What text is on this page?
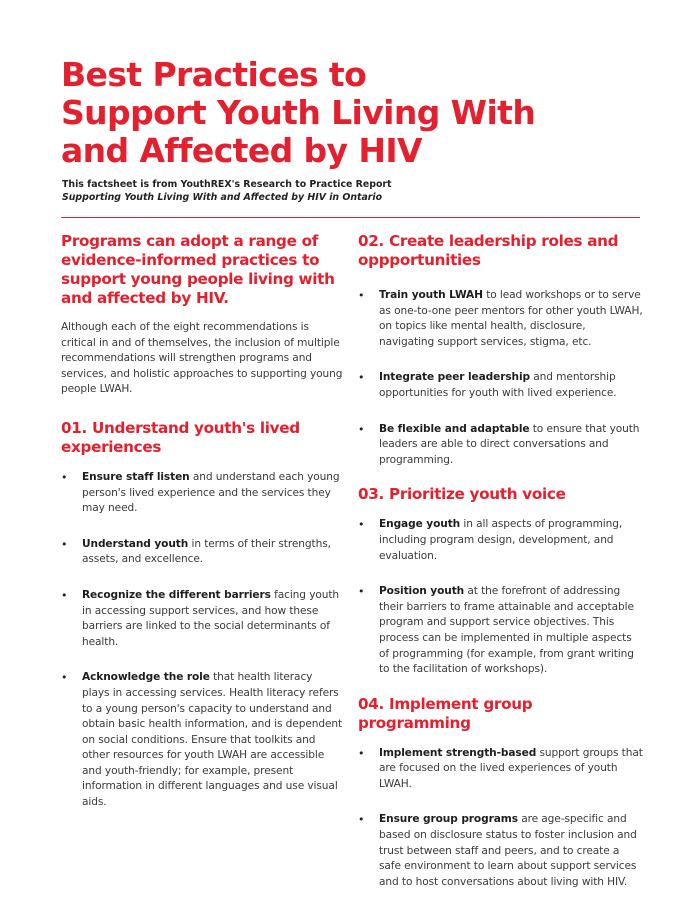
Best Practices to
Support Youth Living With
and Affected by HIV
This factsheet is from YouthREX's Research to Practice Report
Supporting Youth Living With and Affected by HIV in Ontario
Programs can adopt a range of evidence-informed practices to support young people living with and affected by HIV.

Although each of the eight recommendations is critical in and of themselves, the inclusion of multiple recommendations will strengthen programs and services, and holistic approaches to supporting young people LWAH.

01. Understand youth's lived experiences
• Ensure staff listen and understand each young person's lived experience and the services they may need.
• Understand youth in terms of their strengths, assets, and excellence.
• Recognize the different barriers facing youth in accessing support services, and how these barriers are linked to the social determinants of health.
• Acknowledge the role that health literacy plays in accessing services. Health literacy refers to a young person's capacity to understand and obtain basic health information, and is dependent on social conditions. Ensure that toolkits and other resources for youth LWAH are accessible and youth-friendly; for example, present information in different languages and use visual aids.
02. Create leadership roles and oppportunities
• Train youth LWAH to lead workshops or to serve as one-to-one peer mentors for other youth LWAH, on topics like mental health, disclosure, navigating support services, stigma, etc.
• Integrate peer leadership and mentorship opportunities for youth with lived experience.
• Be flexible and adaptable to ensure that youth leaders are able to direct conversations and programming.
03. Prioritize youth voice
• Engage youth in all aspects of programming, including program design, development, and evaluation.
• Position youth at the forefront of addressing their barriers to frame attainable and acceptable program and support service objectives. This process can be implemented in multiple aspects of programming (for example, from grant writing to the facilitation of workshops).
04. Implement group programming
• Implement strength-based support groups that are focused on the lived experiences of youth LWAH.
• Ensure group programs are age-specific and based on disclosure status to foster inclusion and trust between staff and peers, and to create a safe environment to learn about support services and to host conversations about living with HIV.
